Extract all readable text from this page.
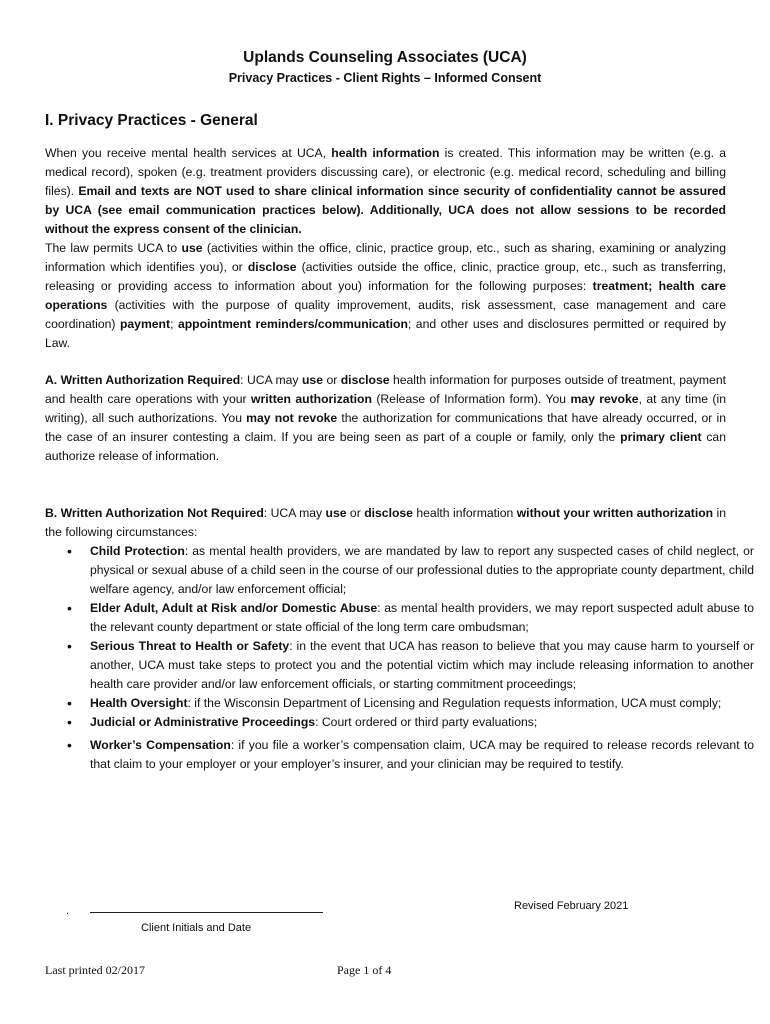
Uplands Counseling Associates (UCA)
Privacy Practices - Client Rights – Informed Consent
I. Privacy Practices - General

When you receive mental health services at UCA, health information is created. This information may be written (e.g. a medical record), spoken (e.g. treatment providers discussing care), or electronic (e.g. medical record, scheduling and billing files). Email and texts are NOT used to share clinical information since security of confidentiality cannot be assured by UCA (see email communication practices below). Additionally, UCA does not allow sessions to be recorded without the express consent of the clinician.
The law permits UCA to use (activities within the office, clinic, practice group, etc., such as sharing, examining or analyzing information which identifies you), or disclose (activities outside the office, clinic, practice group, etc., such as transferring, releasing or providing access to information about you) information for the following purposes: treatment; health care operations (activities with the purpose of quality improvement, audits, risk assessment, case management and care coordination) payment; appointment reminders/communication; and other uses and disclosures permitted or required by Law.

A. Written Authorization Required: UCA may use or disclose health information for purposes outside of treatment, payment and health care operations with your written authorization (Release of Information form). You may revoke, at any time (in writing), all such authorizations. You may not revoke the authorization for communications that have already occurred, or in the case of an insurer contesting a claim. If you are being seen as part of a couple or family, only the primary client can authorize release of information.

B. Written Authorization Not Required: UCA may use or disclose health information without your written authorization in the following circumstances:

• Child Protection: as mental health providers, we are mandated by law to report any suspected cases of child neglect, or physical or sexual abuse of a child seen in the course of our professional duties to the appropriate county department, child welfare agency, and/or law enforcement official;
• Elder Adult, Adult at Risk and/or Domestic Abuse: as mental health providers, we may report suspected adult abuse to the relevant county department or state official of the long term care ombudsman;
• Serious Threat to Health or Safety: in the event that UCA has reason to believe that you may cause harm to yourself or another, UCA must take steps to protect you and the potential victim which may include releasing information to another health care provider and/or law enforcement officials, or starting commitment proceedings;
• Health Oversight: if the Wisconsin Department of Licensing and Regulation requests information, UCA must comply;
• Judicial or Administrative Proceedings: Court ordered or third party evaluations;
• Worker’s Compensation: if you file a worker’s compensation claim, UCA may be required to release records relevant to that claim to your employer or your employer’s insurer, and your clinician may be required to testify.
Revised February 2021
.
Client Initials and Date
Last printed 02/2017	Page 1 of 4
